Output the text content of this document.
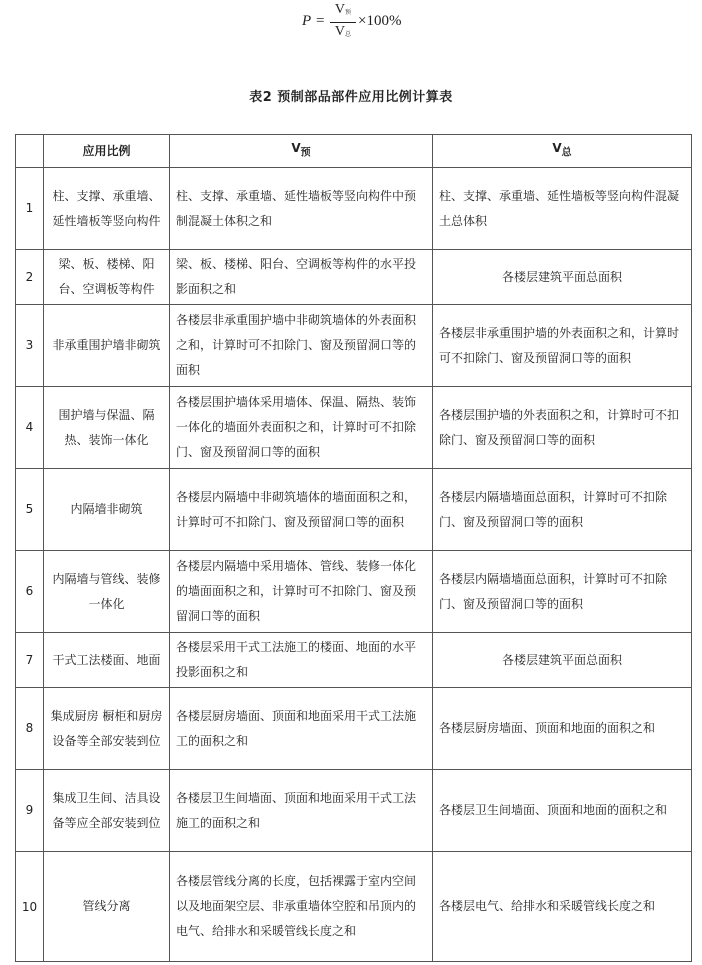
P =
$V_预$
$V_总$
×100%
表2 预制部品部件应用比例计算表
	应用比例	$V_预$	$V_总$
1	柱、支撑、承重墙、延性墙板等竖向构件	柱、支撑、承重墙、延性墙板等竖向构件中预制混凝土体积之和	柱、支撑、承重墙、延性墙板等竖向构件混凝土总体积
2	梁、板、楼梯、阳台、空调板等构件	梁、板、楼梯、阳台、空调板等构件的水平投影面积之和	各楼层建筑平面总面积
3	非承重围护墙非砌筑	各楼层非承重围护墙中非砌筑墙体的外表面积之和，计算时可不扣除门、窗及预留洞口等的面积	各楼层非承重围护墙的外表面积之和，计算时可不扣除门、窗及预留洞口等的面积
4	围护墙与保温、隔热、装饰一体化	各楼层围护墙体采用墙体、保温、隔热、装饰一体化的墙面外表面积之和，计算时可不扣除门、窗及预留洞口等的面积	各楼层围护墙的外表面积之和，计算时可不扣除门、窗及预留洞口等的面积
5	内隔墙非砌筑	各楼层内隔墙中非砌筑墙体的墙面面积之和，计算时可不扣除门、窗及预留洞口等的面积	各楼层内隔墙墙面总面积，计算时可不扣除门、窗及预留洞口等的面积
6	内隔墙与管线、装修一体化	各楼层内隔墙中采用墙体、管线、装修一体化的墙面面积之和，计算时可不扣除门、窗及预留洞口等的面积	各楼层内隔墙墙面总面积，计算时可不扣除门、窗及预留洞口等的面积
7	干式工法楼面、地面	各楼层采用干式工法施工的楼面、地面的水平投影面积之和	各楼层建筑平面总面积
8	集成厨房 橱柜和厨房设备等全部安装到位	各楼层厨房墙面、顶面和地面采用干式工法施工的面积之和	各楼层厨房墙面、顶面和地面的面积之和
9	集成卫生间、洁具设备等应全部安装到位	各楼层卫生间墙面、顶面和地面采用干式工法施工的面积之和	各楼层卫生间墙面、顶面和地面的面积之和
10	管线分离	各楼层管线分离的长度，包括裸露于室内空间以及地面架空层、非承重墙体空腔和吊顶内的电气、给排水和采暖管线长度之和	各楼层电气、给排水和采暖管线长度之和
